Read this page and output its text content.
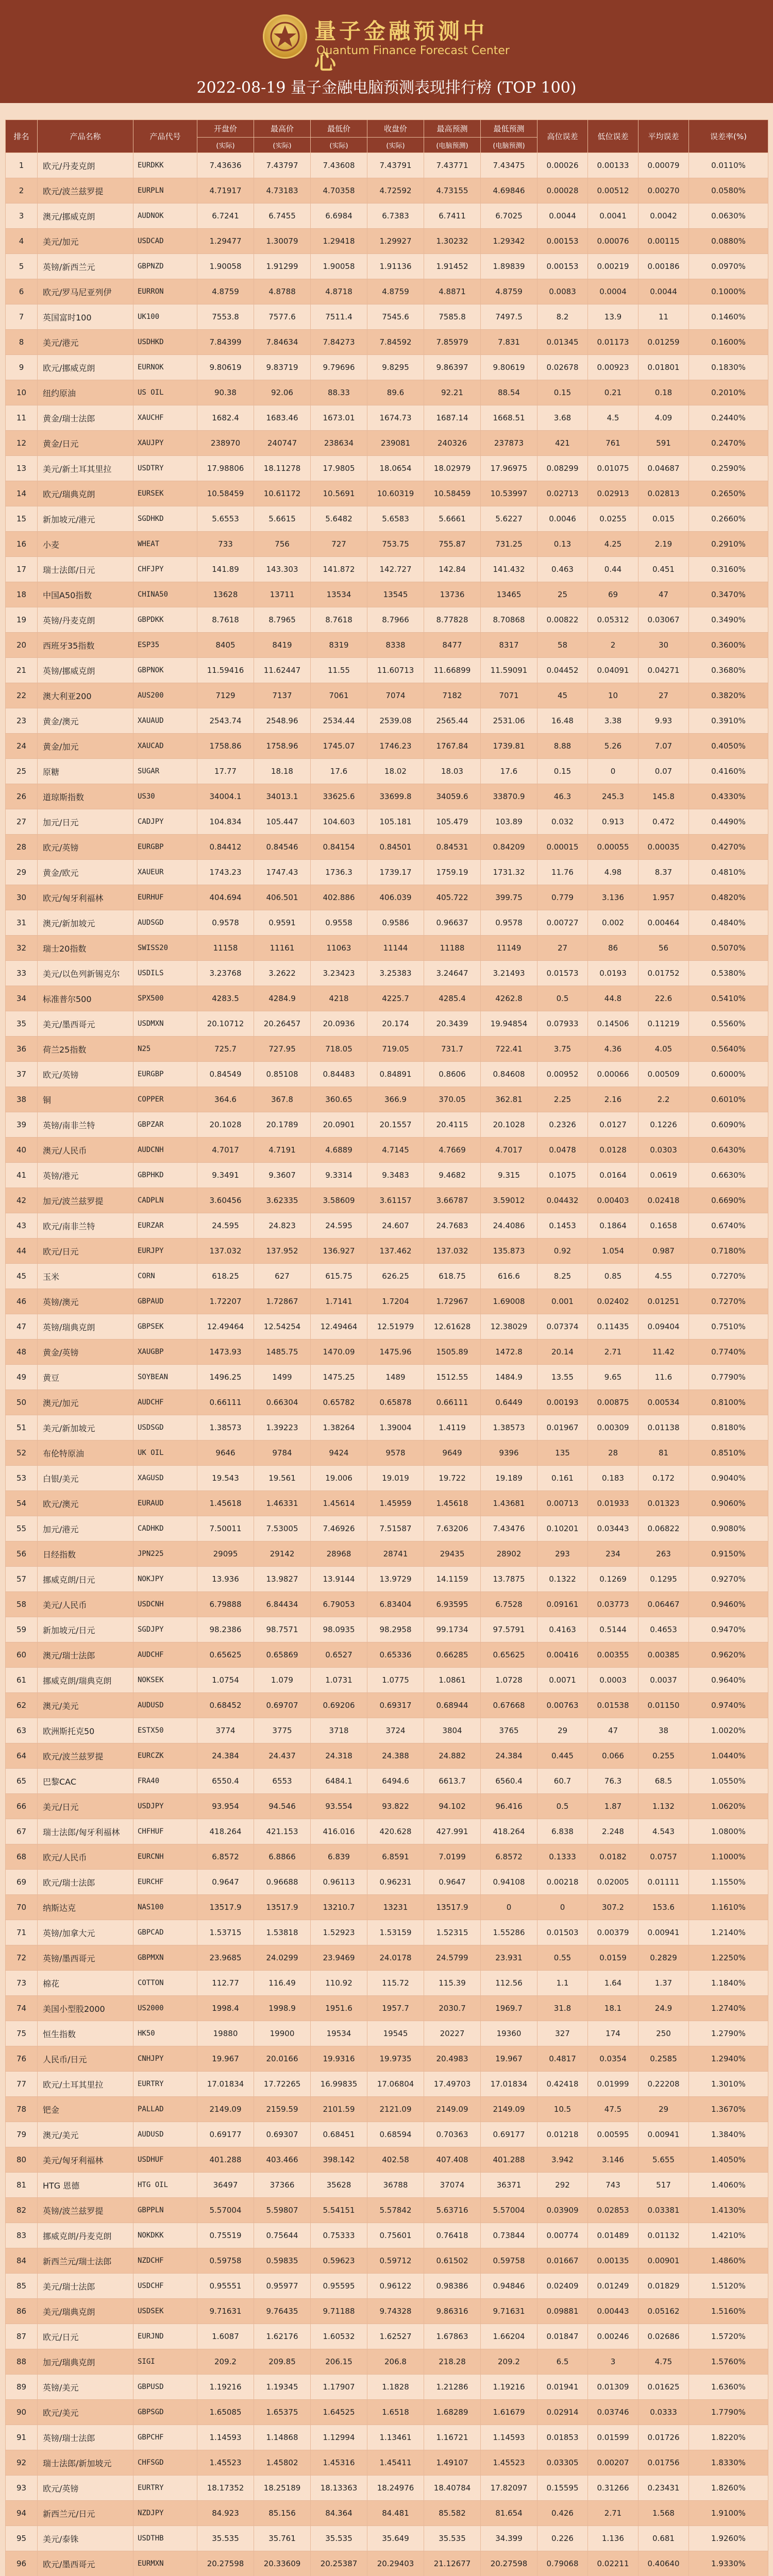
量子金融预测中心
Quantum Finance Forecast Center
2022-08-19 量子金融电脑预测表现排行榜 (TOP 100)
排名	产品名称	产品代号	开盘价	最高价	最低价	收盘价	最高预测	最低预测	高位误差	低位误差	平均误差	误差率(%)
			(实际)	(实际)	(实际)	(实际)	(电脑预测)	(电脑预测)				
1	欧元/丹麦克朗	EURDKK	7.43636	7.43797	7.43608	7.43791	7.43771	7.43475	0.00026	0.00133	0.00079	0.0110%
2	欧元/波兰兹罗提	EURPLN	4.71917	4.73183	4.70358	4.72592	4.73155	4.69846	0.00028	0.00512	0.00270	0.0580%
3	澳元/挪威克朗	AUDNOK	6.7241	6.7455	6.6984	6.7383	6.7411	6.7025	0.0044	0.0041	0.0042	0.0630%
4	美元/加元	USDCAD	1.29477	1.30079	1.29418	1.29927	1.30232	1.29342	0.00153	0.00076	0.00115	0.0880%
5	英镑/新西兰元	GBPNZD	1.90058	1.91299	1.90058	1.91136	1.91452	1.89839	0.00153	0.00219	0.00186	0.0970%
6	欧元/罗马尼亚列伊	EURRON	4.8759	4.8788	4.8718	4.8759	4.8871	4.8759	0.0083	0.0004	0.0044	0.1000%
7	英国富时100	UK100	7553.8	7577.6	7511.4	7545.6	7585.8	7497.5	8.2	13.9	11	0.1460%
8	美元/港元	USDHKD	7.84399	7.84634	7.84273	7.84592	7.85979	7.831	0.01345	0.01173	0.01259	0.1600%
9	欧元/挪威克朗	EURNOK	9.80619	9.83719	9.79696	9.8295	9.86397	9.80619	0.02678	0.00923	0.01801	0.1830%
10	纽约原油	US OIL	90.38	92.06	88.33	89.6	92.21	88.54	0.15	0.21	0.18	0.2010%
11	黄金/瑞士法郎	XAUCHF	1682.4	1683.46	1673.01	1674.73	1687.14	1668.51	3.68	4.5	4.09	0.2440%
12	黄金/日元	XAUJPY	238970	240747	238634	239081	240326	237873	421	761	591	0.2470%
13	美元/新土耳其里拉	USDTRY	17.98806	18.11278	17.9805	18.0654	18.02979	17.96975	0.08299	0.01075	0.04687	0.2590%
14	欧元/瑞典克朗	EURSEK	10.58459	10.61172	10.5691	10.60319	10.58459	10.53997	0.02713	0.02913	0.02813	0.2650%
15	新加坡元/港元	SGDHKD	5.6553	5.6615	5.6482	5.6583	5.6661	5.6227	0.0046	0.0255	0.015	0.2660%
16	小麦	WHEAT	733	756	727	753.75	755.87	731.25	0.13	4.25	2.19	0.2910%
17	瑞士法郎/日元	CHFJPY	141.89	143.303	141.872	142.727	142.84	141.432	0.463	0.44	0.451	0.3160%
18	中国A50指数	CHINA50	13628	13711	13534	13545	13736	13465	25	69	47	0.3470%
19	英镑/丹麦克朗	GBPDKK	8.7618	8.7965	8.7618	8.7966	8.77828	8.70868	0.00822	0.05312	0.03067	0.3490%
20	西班牙35指数	ESP35	8405	8419	8319	8338	8477	8317	58	2	30	0.3600%
21	英镑/挪威克朗	GBPNOK	11.59416	11.62447	11.55	11.60713	11.66899	11.59091	0.04452	0.04091	0.04271	0.3680%
22	澳大利亚200	AUS200	7129	7137	7061	7074	7182	7071	45	10	27	0.3820%
23	黄金/澳元	XAUAUD	2543.74	2548.96	2534.44	2539.08	2565.44	2531.06	16.48	3.38	9.93	0.3910%
24	黄金/加元	XAUCAD	1758.86	1758.96	1745.07	1746.23	1767.84	1739.81	8.88	5.26	7.07	0.4050%
25	原糖	SUGAR	17.77	18.18	17.6	18.02	18.03	17.6	0.15	0	0.07	0.4160%
26	道琼斯指数	US30	34004.1	34013.1	33625.6	33699.8	34059.6	33870.9	46.3	245.3	145.8	0.4330%
27	加元/日元	CADJPY	104.834	105.447	104.603	105.181	105.479	103.89	0.032	0.913	0.472	0.4490%
28	欧元/英镑	EURGBP	0.84412	0.84546	0.84154	0.84501	0.84531	0.84209	0.00015	0.00055	0.00035	0.4270%
29	黄金/欧元	XAUEUR	1743.23	1747.43	1736.3	1739.17	1759.19	1731.32	11.76	4.98	8.37	0.4810%
30	欧元/匈牙利福林	EURHUF	404.694	406.501	402.886	406.039	405.722	399.75	0.779	3.136	1.957	0.4820%
31	澳元/新加坡元	AUDSGD	0.9578	0.9591	0.9558	0.9586	0.96637	0.9578	0.00727	0.002	0.00464	0.4840%
32	瑞士20指数	SWISS20	11158	11161	11063	11144	11188	11149	27	86	56	0.5070%
33	美元/以色列新锡克尔	USDILS	3.23768	3.2622	3.23423	3.25383	3.24647	3.21493	0.01573	0.0193	0.01752	0.5380%
34	标准普尔500	SPX500	4283.5	4284.9	4218	4225.7	4285.4	4262.8	0.5	44.8	22.6	0.5410%
35	美元/墨西哥元	USDMXN	20.10712	20.26457	20.0936	20.174	20.3439	19.94854	0.07933	0.14506	0.11219	0.5560%
36	荷兰25指数	N25	725.7	727.95	718.05	719.05	731.7	722.41	3.75	4.36	4.05	0.5640%
37	欧元/英镑	EURGBP	0.84549	0.85108	0.84483	0.84891	0.8606	0.84608	0.00952	0.00066	0.00509	0.6000%
38	铜	COPPER	364.6	367.8	360.65	366.9	370.05	362.81	2.25	2.16	2.2	0.6010%
39	英镑/南非兰特	GBPZAR	20.1028	20.1789	20.0901	20.1557	20.4115	20.1028	0.2326	0.0127	0.1226	0.6090%
40	澳元/人民币	AUDCNH	4.7017	4.7191	4.6889	4.7145	4.7669	4.7017	0.0478	0.0128	0.0303	0.6430%
41	英镑/港元	GBPHKD	9.3491	9.3607	9.3314	9.3483	9.4682	9.315	0.1075	0.0164	0.0619	0.6630%
42	加元/波兰兹罗提	CADPLN	3.60456	3.62335	3.58609	3.61157	3.66787	3.59012	0.04432	0.00403	0.02418	0.6690%
43	欧元/南非兰特	EURZAR	24.595	24.823	24.595	24.607	24.7683	24.4086	0.1453	0.1864	0.1658	0.6740%
44	欧元/日元	EURJPY	137.032	137.952	136.927	137.462	137.032	135.873	0.92	1.054	0.987	0.7180%
45	玉米	CORN	618.25	627	615.75	626.25	618.75	616.6	8.25	0.85	4.55	0.7270%
46	英镑/澳元	GBPAUD	1.72207	1.72867	1.7141	1.7204	1.72967	1.69008	0.001	0.02402	0.01251	0.7270%
47	英镑/瑞典克朗	GBPSEK	12.49464	12.54254	12.49464	12.51979	12.61628	12.38029	0.07374	0.11435	0.09404	0.7510%
48	黄金/英镑	XAUGBP	1473.93	1485.75	1470.09	1475.96	1505.89	1472.8	20.14	2.71	11.42	0.7740%
49	黄豆	SOYBEAN	1496.25	1499	1475.25	1489	1512.55	1484.9	13.55	9.65	11.6	0.7790%
50	澳元/加元	AUDCHF	0.66111	0.66304	0.65782	0.65878	0.66111	0.6449	0.00193	0.00875	0.00534	0.8100%
51	美元/新加坡元	USDSGD	1.38573	1.39223	1.38264	1.39004	1.4119	1.38573	0.01967	0.00309	0.01138	0.8180%
52	布伦特原油	UK OIL	9646	9784	9424	9578	9649	9396	135	28	81	0.8510%
53	白银/美元	XAGUSD	19.543	19.561	19.006	19.019	19.722	19.189	0.161	0.183	0.172	0.9040%
54	欧元/澳元	EURAUD	1.45618	1.46331	1.45614	1.45959	1.45618	1.43681	0.00713	0.01933	0.01323	0.9060%
55	加元/港元	CADHKD	7.50011	7.53005	7.46926	7.51587	7.63206	7.43476	0.10201	0.03443	0.06822	0.9080%
56	日经指数	JPN225	29095	29142	28968	28741	29435	28902	293	234	263	0.9150%
57	挪威克朗/日元	NOKJPY	13.936	13.9827	13.9144	13.9729	14.1159	13.7875	0.1322	0.1269	0.1295	0.9270%
58	美元/人民币	USDCNH	6.79888	6.84434	6.79053	6.83404	6.93595	6.7528	0.09161	0.03773	0.06467	0.9460%
59	新加坡元/日元	SGDJPY	98.2386	98.7571	98.0935	98.2958	99.1734	97.5791	0.4163	0.5144	0.4653	0.9470%
60	澳元/瑞士法郎	AUDCHF	0.65625	0.65869	0.6527	0.65336	0.66285	0.65625	0.00416	0.00355	0.00385	0.9620%
61	挪威克朗/瑞典克朗	NOKSEK	1.0754	1.079	1.0731	1.0775	1.0861	1.0728	0.0071	0.0003	0.0037	0.9640%
62	澳元/美元	AUDUSD	0.68452	0.69707	0.69206	0.69317	0.68944	0.67668	0.00763	0.01538	0.01150	0.9740%
63	欧洲斯托克50	ESTX50	3774	3775	3718	3724	3804	3765	29	47	38	1.0020%
64	欧元/波兰兹罗提	EURCZK	24.384	24.437	24.318	24.388	24.882	24.384	0.445	0.066	0.255	1.0440%
65	巴黎CAC	FRA40	6550.4	6553	6484.1	6494.6	6613.7	6560.4	60.7	76.3	68.5	1.0550%
66	美元/日元	USDJPY	93.954	94.546	93.554	93.822	94.102	96.416	0.5	1.87	1.132	1.0620%
67	瑞士法郎/匈牙利福林	CHFHUF	418.264	421.153	416.016	420.628	427.991	418.264	6.838	2.248	4.543	1.0800%
68	欧元/人民币	EURCNH	6.8572	6.8866	6.839	6.8591	7.0199	6.8572	0.1333	0.0182	0.0757	1.1000%
69	欧元/瑞士法郎	EURCHF	0.9647	0.96688	0.96113	0.96231	0.9647	0.94108	0.00218	0.02005	0.01111	1.1550%
70	纳斯达克	NAS100	13517.9	13517.9	13210.7	13231	13517.9	0	0	307.2	153.6	1.1610%
71	英镑/加拿大元	GBPCAD	1.53715	1.53818	1.52923	1.53159	1.52315	1.55286	0.01503	0.00379	0.00941	1.2140%
72	英镑/墨西哥元	GBPMXN	23.9685	24.0299	23.9469	24.0178	24.5799	23.931	0.55	0.0159	0.2829	1.2250%
73	棉花	COTTON	112.77	116.49	110.92	115.72	115.39	112.56	1.1	1.64	1.37	1.1840%
74	美国小型股2000	US2000	1998.4	1998.9	1951.6	1957.7	2030.7	1969.7	31.8	18.1	24.9	1.2740%
75	恒生指数	HK50	19880	19900	19534	19545	20227	19360	327	174	250	1.2790%
76	人民币/日元	CNHJPY	19.967	20.0166	19.9316	19.9735	20.4983	19.967	0.4817	0.0354	0.2585	1.2940%
77	欧元/土耳其里拉	EURTRY	17.01834	17.72265	16.99835	17.06804	17.49703	17.01834	0.42418	0.01999	0.22208	1.3010%
78	钯金	PALLAD	2149.09	2159.59	2101.59	2121.09	2149.09	2149.09	10.5	47.5	29	1.3670%
79	澳元/美元	AUDUSD	0.69177	0.69307	0.68451	0.68594	0.70363	0.69177	0.01218	0.00595	0.00941	1.3840%
80	美元/匈牙利福林	USDHUF	401.288	403.466	398.142	402.58	407.408	401.288	3.942	3.146	5.655	1.4050%
81	HTG 恩德	HTG OIL	36497	37366	35628	36788	37074	36371	292	743	517	1.4060%
82	英镑/波兰兹罗提	GBPPLN	5.57004	5.59807	5.54151	5.57842	5.63716	5.57004	0.03909	0.02853	0.03381	1.4130%
83	挪威克朗/丹麦克朗	NOKDKK	0.75519	0.75644	0.75333	0.75601	0.76418	0.73844	0.00774	0.01489	0.01132	1.4210%
84	新西兰元/瑞士法郎	NZDCHF	0.59758	0.59835	0.59623	0.59712	0.61502	0.59758	0.01667	0.00135	0.00901	1.4860%
85	美元/瑞士法郎	USDCHF	0.95551	0.95977	0.95595	0.96122	0.98386	0.94846	0.02409	0.01249	0.01829	1.5120%
86	美元/瑞典克朗	USDSEK	9.71631	9.76435	9.71188	9.74328	9.86316	9.71631	0.09881	0.00443	0.05162	1.5160%
87	欧元/日元	EURJND	1.6087	1.62176	1.60532	1.62527	1.67863	1.66204	0.01847	0.00246	0.02686	1.5720%
88	加元/瑞典克朗	SIGI	209.2	209.85	206.15	206.8	218.28	209.2	6.5	3	4.75	1.5760%
89	英镑/美元	GBPUSD	1.19216	1.19345	1.17907	1.1828	1.21286	1.19216	0.01941	0.01309	0.01625	1.6360%
90	欧元/美元	GBPSGD	1.65085	1.65375	1.64525	1.6518	1.68289	1.61679	0.02914	0.03746	0.0333	1.7790%
91	英镑/瑞士法郎	GBPCHF	1.14593	1.14868	1.12994	1.13461	1.16721	1.14593	0.01853	0.01599	0.01726	1.8220%
92	瑞士法郎/新加坡元	CHFSGD	1.45523	1.45802	1.45316	1.45411	1.49107	1.45523	0.03305	0.00207	0.01756	1.8330%
93	欧元/英镑	EURTRY	18.17352	18.25189	18.13363	18.24976	18.40784	17.82097	0.15595	0.31266	0.23431	1.8260%
94	新西兰元/日元	NZDJPY	84.923	85.156	84.364	84.481	85.582	81.654	0.426	2.71	1.568	1.9100%
95	美元/泰铢	USDTHB	35.535	35.761	35.535	35.649	35.535	34.399	0.226	1.136	0.681	1.9260%
96	欧元/墨西哥元	EURMXN	20.27598	20.33609	20.25387	20.29403	21.12677	20.27598	0.79068	0.02211	0.40640	1.9330%
